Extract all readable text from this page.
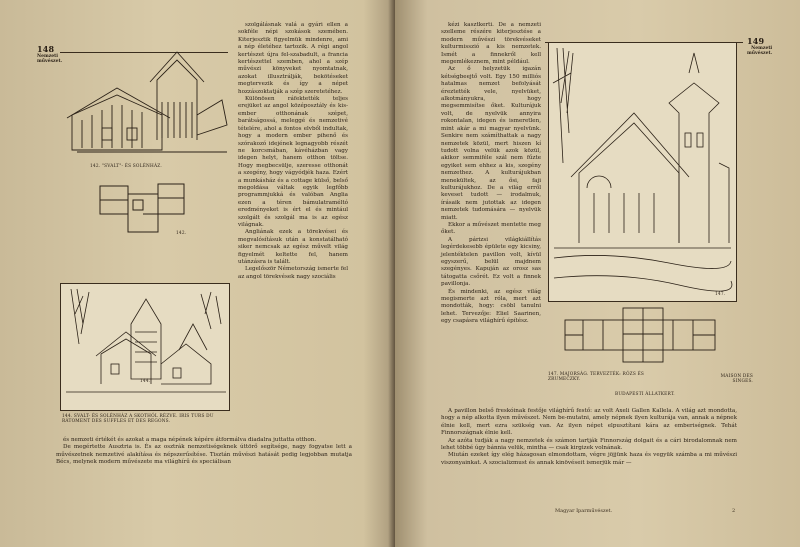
148
Nemzeti
művészet.
142. "SVALT"- ÉS SOLÉNHÁZ.
142.

szolgálásnak valá a gyári ellen a sokféle népi szokások szemében. Kiterjesztik figyelmük mindenre, ami a nép életéhez tartozik. A régi angol kertészet újra fel-szabadult, a francia kertészettel szemben, ahol a szép művészi könyveket nyomtatnak, azokat illusztrálják, bekötéseket megtervezik és így a népet hozzászoktatják a szép szeretetéhez.

Különösen ráfektették teljes erejüket az angol középosztály és kis-ember otthonának szépet, barátságossá, meleggé és nemzetivé tételére, ahol a fontos elvből indultak, hogy a modern ember pihenő és szórakozó idejének legnagyobb részét ne korcsmában, kávéházban vagy idegen helyt, hanem otthon töltse. Hogy megbecsülje, szeresse otthonát a szegény, hogy vágyódjék haza. Ezért a munkásház és a cottage külső, belső megoldása váltak egyik legfőbb programmjukká és valóban Anglia ezen a téren bámulatraméltó eredményeket is ért el és mintául szolgált és szolgál ma is az egész világnak.

Angliának ezek a törekvései és megvalósításuk után a konstatálható siker nemcsak az egész művelt világ figyelmét keltette fel, hanem utánzásra is talált.

Legelőször Németország ismerte fel az angol törekvések nagy szociális

144.
144. SVALT- ÉS SOLÉNHÁZ A SKOTHÓL RÉZVE. IRIS TURS DU RÁTOMENT DES SUFFLES ET DES REGONS.

és nemzeti értékét és azokat a maga népének képére átformálva diadalra juttatta otthon.

De megértette Ausztria is. És az osztrák nemzetiségeknek úttörő segítsége, nagy fogyatse lett a művészetnek nemzetivé alakítása és népszerűsítése. Tisztán művészi hatását pedig legjobban mutatja Bécs, melynek modern művészete ma világhírű és speciálisan

149
Nemzeti
művészet.

kézi kasztkerti. De a nemzeti szelleme részére kiterjesztése a modern művészi törekvéseket kulturmisszió a kis nemzetek. Ismét a finnekről kell megemlékeznem, mint például.

Az ő helyzetük igazán kétségbeejtő volt. Egy 150 milliós hatalmas nemzet befolyását éreztették vele, nyelvüket, alkotmányukra, hogy megsemmisítse őket. Kulturájuk volt, de nyelvük annyira rokontalan, idegen és ismeretlen, mint akár a mi magyar nyelvünk. Senkire nem számíthattak a nagy nemzetek közül, mert hiszen kí tudott volna velük azok közül, akikor semmiféle szál nem fűzte egyiket sem ehhez a kis, szegény nemzethez. A kulturájukban menekültek, az ősi, faji kulturájukhoz. De a világ erről keveset tudott — irodalmuk, írásaik nem jutottak az idegen nemzetek tudomására — nyelvük miatt.

Ekkor a művészet mentette meg őket.

A párizsi világkiállítás legérdekesebb épülete egy kicsiny, jelentéktelen pavillon volt, kívül egyszerű, belül majdnem szegényes. Kapuján az orosz sas tátogatta csőrét. Ez volt a finnek pavillonja.

És mindenki, az egész világ megismerte azt róla, mert azt mondották, hogy: csöbl tanulni lehet. Tervezője: Eliel Saarinen, egy csapásra világhírű építész.

147.
147. MAJORSÁG. TERVEZTÉK: RÓZS ÉS ZRUMECZKY.
BUDAPESTI ÁLLATKERT.
MAISON DES SINGES.

A pavillon belső freskóinak festője világhírű festő: az volt Axeli Gallen Kallela. A világ azt mondotta, hogy a nép alkotta ilyen művészet. Nem be-mutatni, amely népnek ilyen kulturája van, annak a népnek élnie kell, mert ezra szükség van. Az ilyen népet elpusztítani kára az emberiségnek. Tehát Finnországnak élnie kell.

Az azóta tudják a nagy nemzetek és számon tartják Finnország dolgait és a cári birodalomnak nem lehet többé úgy bánnia velük, mintha — csak kirgizek volnának.

Miután ezeket így elég házagosan elmondottam, végre jöjjünk haza és vegyük számba a mi művészi viszonyainkat. A szocializmust és annak kinövéseit ismerjük már —

Magyar Iparművészet.	2
